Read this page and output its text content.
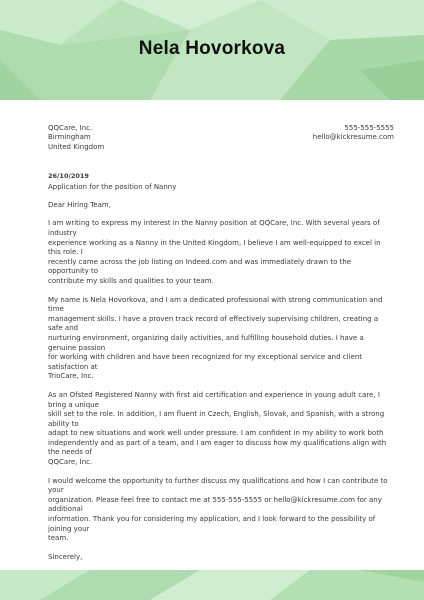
Nela Hovorkova
QQCare, Inc.
Birmingham
United Kingdom
555-555-5555
hello@kickresume.com
26/10/2019
Application for the position of Nanny
Dear Hiring Team,

I am writing to express my interest in the Nanny position at QQCare, Inc. With several years of industry

experience working as a Nanny in the United Kingdom, I believe I am well-equipped to excel in this role. I

recently came across the job listing on Indeed.com and was immediately drawn to the opportunity to

contribute my skills and qualities to your team.

My name is Nela Hovorkova, and I am a dedicated professional with strong communication and time

management skills. I have a proven track record of effectively supervising children, creating a safe and

nurturing environment, organizing daily activities, and fulfilling household duties. I have a genuine passion

for working with children and have been recognized for my exceptional service and client satisfaction at

TrioCare, Inc.

As an Ofsted Registered Nanny with first aid certification and experience in young adult care, I bring a unique

skill set to the role. In addition, I am fluent in Czech, English, Slovak, and Spanish, with a strong ability to

adapt to new situations and work well under pressure. I am confident in my ability to work both

independently and as part of a team, and I am eager to discuss how my qualifications align with the needs of

QQCare, Inc.

I would welcome the opportunity to further discuss my qualifications and how I can contribute to your

organization. Please feel free to contact me at 555-555-5555 or hello@kickresume.com for any additional

information. Thank you for considering my application, and I look forward to the possibility of joining your

team.

Sincerely,
